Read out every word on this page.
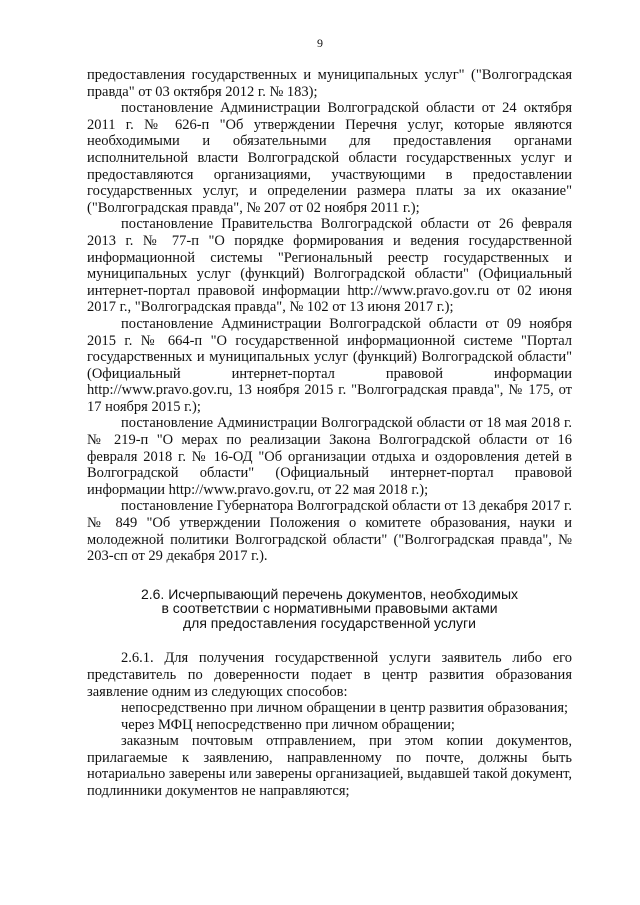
9

предоставления государственных и муниципальных услуг" ("Волгоградская правда" от 03 октября 2012 г. № 183);

постановление Администрации Волгоградской области от 24 октября 2011 г. № 626-п "Об утверждении Перечня услуг, которые являются необходимыми и обязательными для предоставления органами исполнительной власти Волгоградской области государственных услуг и предоставляются организациями, участвующими в предоставлении государственных услуг, и определении размера платы за их оказание" ("Волгоградская правда", № 207 от 02 ноября 2011 г.);

постановление Правительства Волгоградской области от 26 февраля 2013 г. № 77-п "О порядке формирования и ведения государственной информационной системы "Региональный реестр государственных и муниципальных услуг (функций) Волгоградской области" (Официальный интернет-портал правовой информации http://www.pravo.gov.ru от 02 июня 2017 г., "Волгоградская правда", № 102 от 13 июня 2017 г.);

постановление Администрации Волгоградской области от 09 ноября 2015 г. № 664-п "О государственной информационной системе "Портал государственных и муниципальных услуг (функций) Волгоградской области" (Официальный интернет-портал правовой информации http://www.pravo.gov.ru, 13 ноября 2015 г. "Волгоградская правда", № 175, от 17 ноября 2015 г.);

постановление Администрации Волгоградской области от 18 мая 2018 г. № 219-п "О мерах по реализации Закона Волгоградской области от 16 февраля 2018 г. № 16-ОД "Об организации отдыха и оздоровления детей в Волгоградской области" (Официальный интернет-портал правовой информации http://www.pravo.gov.ru, от 22 мая 2018 г.);

постановление Губернатора Волгоградской области от 13 декабря 2017 г. № 849 "Об утверждении Положения о комитете образования, науки и молодежной политики Волгоградской области" ("Волгоградская правда", № 203-сп от 29 декабря 2017 г.).

2.6. Исчерпывающий перечень документов, необходимых
в соответствии с нормативными правовыми актами
для предоставления государственной услуги

2.6.1. Для получения государственной услуги заявитель либо его представитель по доверенности подает в центр развития образования заявление одним из следующих способов:

непосредственно при личном обращении в центр развития образования;

через МФЦ непосредственно при личном обращении;

заказным почтовым отправлением, при этом копии документов, прилагаемые к заявлению, направленному по почте, должны быть нотариально заверены или заверены организацией, выдавшей такой документ, подлинники документов не направляются;
